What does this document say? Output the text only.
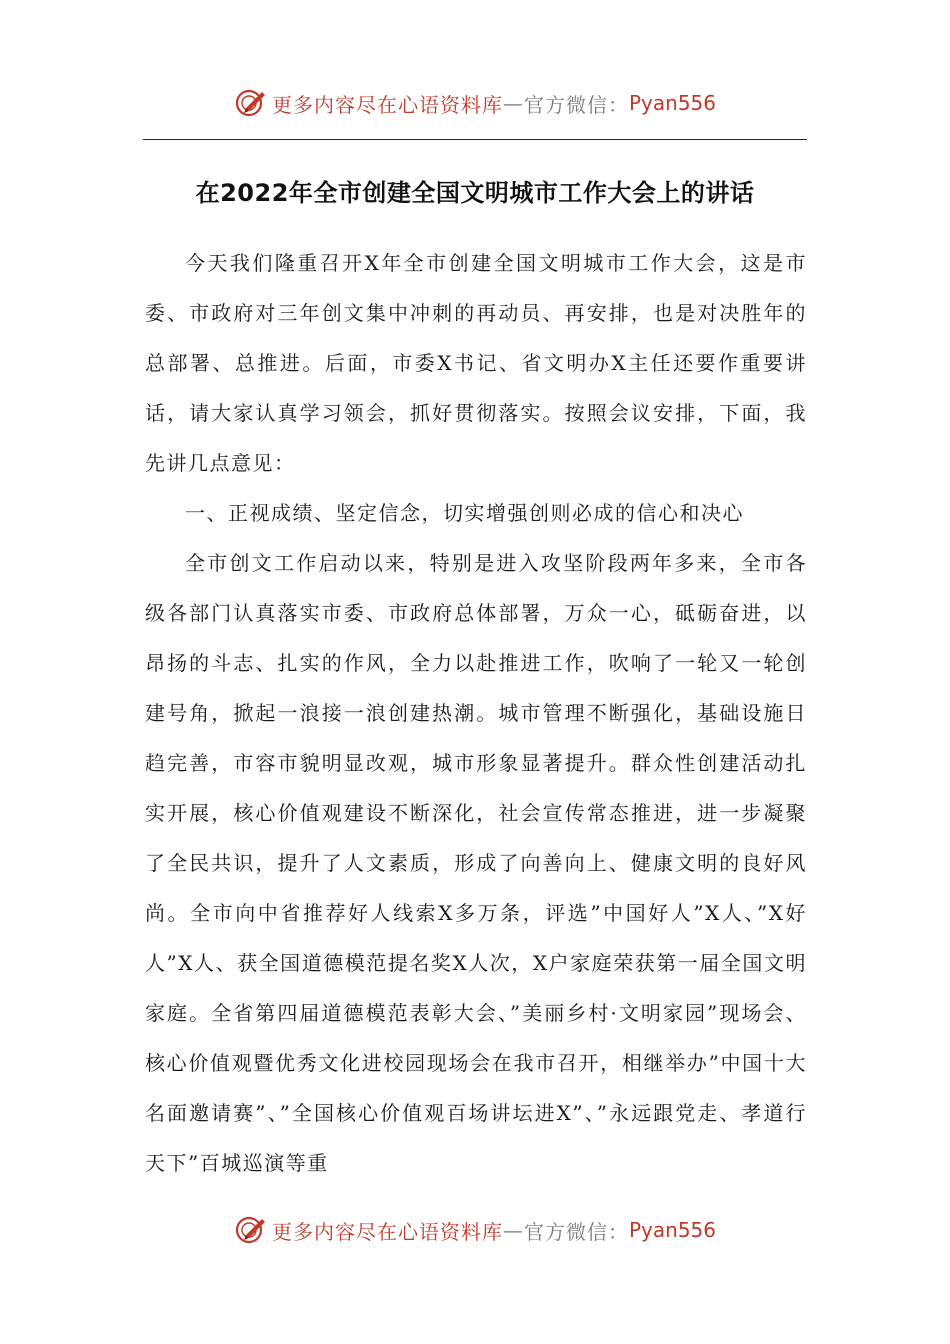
更多内容尽在心语资料库 — 官方微信： Pyan556
在2022年全市创建全国文明城市工作大会上的讲话

今天我们隆重召开X年全市创建全国文明城市工作大会，这是市委、市政府对三年创文集中冲刺的再动员、再安排，也是对决胜年的总部署、总推进。后面，市委X书记、省文明办X主任还要作重要讲话，请大家认真学习领会，抓好贯彻落实。按照会议安排，下面，我先讲几点意见：

一、正视成绩、坚定信念，切实增强创则必成的信心和决心

全市创文工作启动以来，特别是进入攻坚阶段两年多来，全市各级各部门认真落实市委、市政府总体部署，万众一心，砥砺奋进，以昂扬的斗志、扎实的作风，全力以赴推进工作，吹响了一轮又一轮创建号角，掀起一浪接一浪创建热潮。城市管理不断强化，基础设施日趋完善，市容市貌明显改观，城市形象显著提升。群众性创建活动扎实开展，核心价值观建设不断深化，社会宣传常态推进，进一步凝聚了全民共识，提升了人文素质，形成了向善向上、健康文明的良好风尚。全市向中省推荐好人线索X多万条，评选”中国好人”X人、”X好人”X人、获全国道德模范提名奖X人次，X户家庭荣获第一届全国文明家庭。全省第四届道德模范表彰大会、”美丽乡村·文明家园”现场会、核心价值观暨优秀文化进校园现场会在我市召开，相继举办”中国十大名面邀请赛”、”全国核心价值观百场讲坛进X”、”永远跟党走、孝道行天下”百城巡演等重

更多内容尽在心语资料库 — 官方微信： Pyan556
